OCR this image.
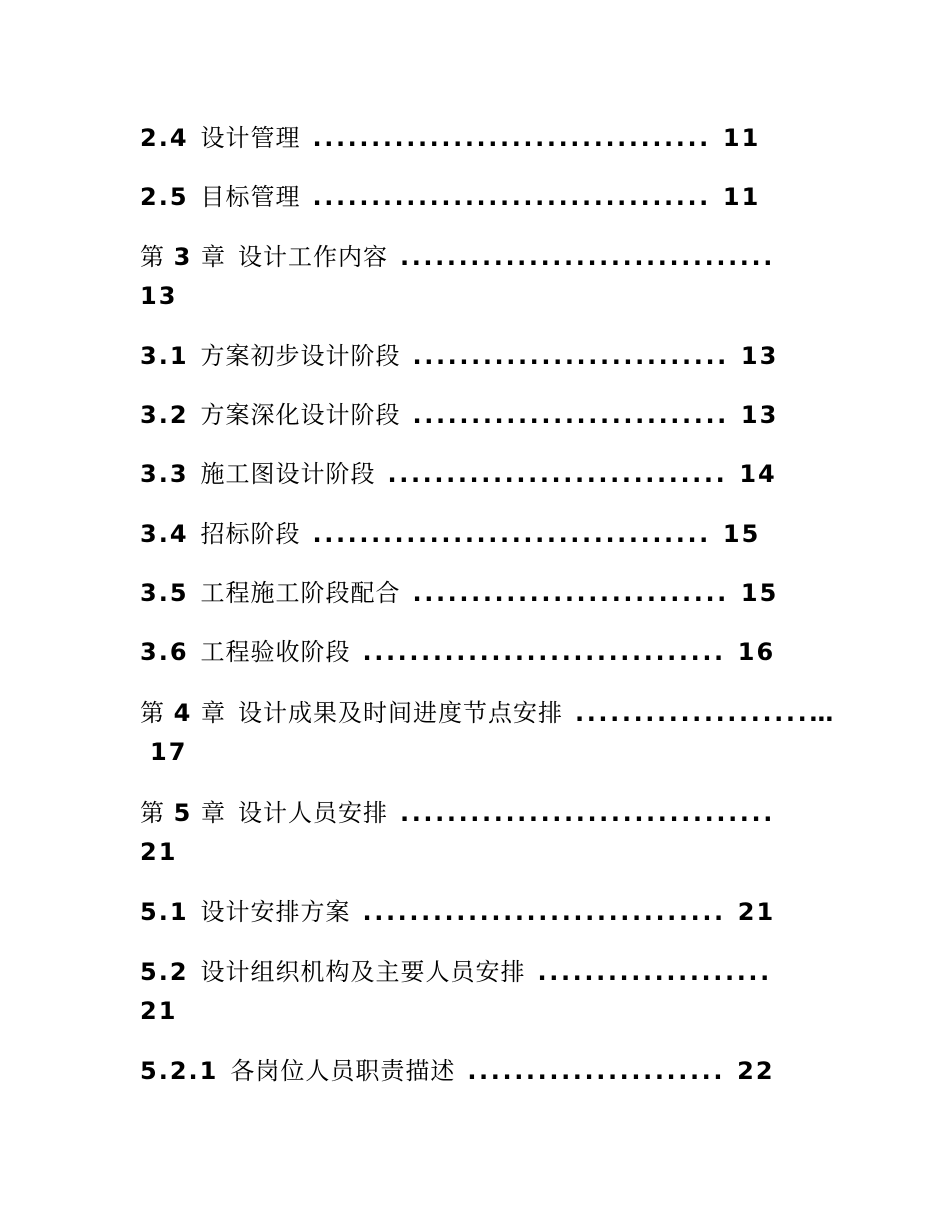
2.4 设计管理 .................................. 11
2.5 目标管理 .................................. 11
第 3 章 设计工作内容 ................................
13
3.1 方案初步设计阶段 ........................... 13
3.2 方案深化设计阶段 ........................... 13
3.3 施工图设计阶段 ............................. 14
3.4 招标阶段 .................................. 15
3.5 工程施工阶段配合 ........................... 15
3.6 工程验收阶段 ............................... 16
第 4 章 设计成果及时间进度节点安排 ....................…
17
第 5 章 设计人员安排 ................................
21
5.1 设计安排方案 ............................... 21
5.2 设计组织机构及主要人员安排 ....................
21
5.2.1 各岗位人员职责描述 ...................... 22
